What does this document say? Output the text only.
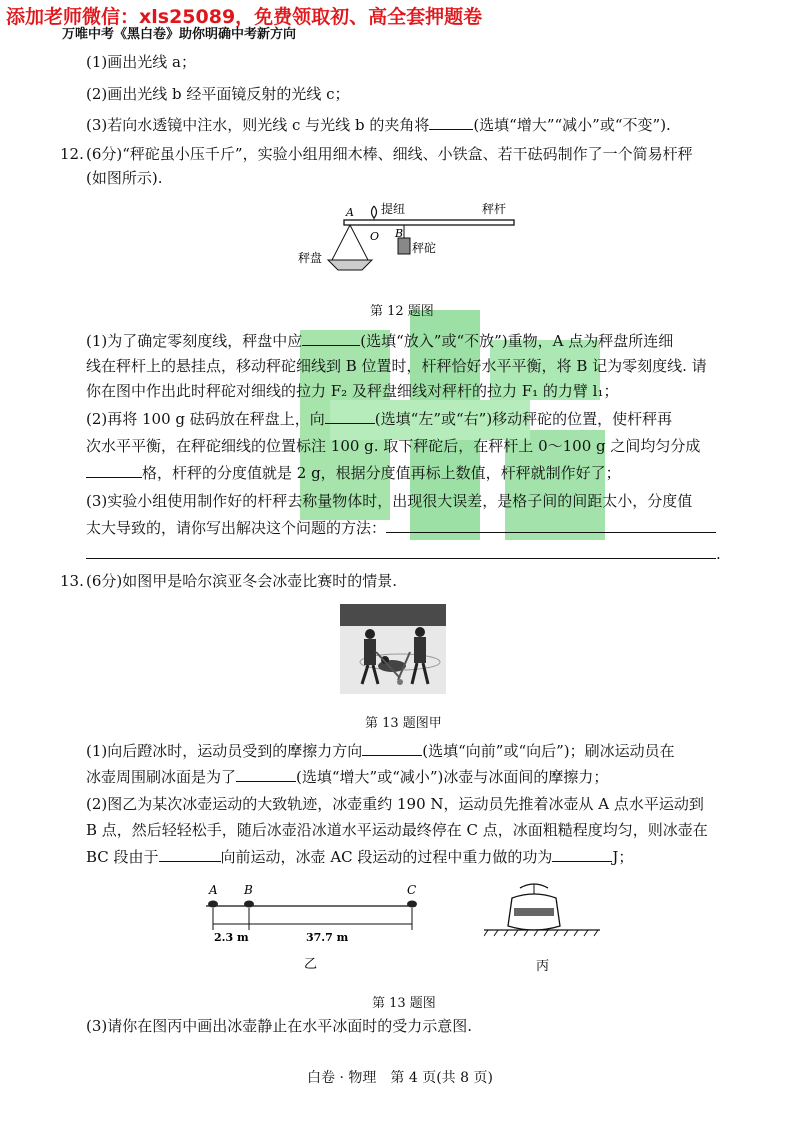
添加老师微信：xls25089，免费领取初、高全套押题卷
万唯中考《黑白卷》助你明确中考新方向
(1)画出光线 a；
(2)画出光线 b 经平面镜反射的光线 c；
(3)若向水透镜中注水，则光线 c 与光线 b 的夹角将	(选填“增大”“减小”或“不变”).
12. (6分)“秤砣虽小压千斤”，实验小组用细木棒、细线、小铁盒、若干砝码制作了一个简易杆秤
(如图所示).
A 提纽	秤杆
O B
秤砣
秤盘
第 12 题图
(1)为了确定零刻度线，秤盘中应	(选填“放入”或“不放”)重物，A 点为秤盘所连细
线在秤杆上的悬挂点，移动秤砣细线到 B 位置时，杆秤恰好水平平衡，将 B 记为零刻度线. 请
你在图中作出此时秤砣对细线的拉力 F₂ 及秤盘细线对秤杆的拉力 F₁ 的力臂 l₁；
(2)再将 100 g 砝码放在秤盘上，向	(选填“左”或“右”)移动秤砣的位置，使杆秤再
次水平平衡，在秤砣细线的位置标注 100 g. 取下秤砣后，在秤杆上 0～100 g 之间均匀分成
格，杆秤的分度值就是 2 g，根据分度值再标上数值，杆秤就制作好了；
(3)实验小组使用制作好的杆秤去称量物体时，出现很大误差，是格子间的间距太小，分度值
太大导致的，请你写出解决这个问题的方法：
.
13. (6分)如图甲是哈尔滨亚冬会冰壶比赛时的情景.
第 13 题图甲
(1)向后蹬冰时，运动员受到的摩擦力方向	(选填“向前”或“向后”)；刷冰运动员在
冰壶周围刷冰面是为了	(选填“增大”或“减小”)冰壶与冰面间的摩擦力；
(2)图乙为某次冰壶运动的大致轨迹，冰壶重约 190 N，运动员先推着冰壶从 A 点水平运动到
B 点，然后轻轻松手，随后冰壶沿冰道水平运动最终停在 C 点，冰面粗糙程度均匀，则冰壶在
BC 段由于	向前运动，冰壶 AC 段运动的过程中重力做的功为	J；
A B	C
2.3 m	37.7 m
乙	丙
第 13 题图
(3)请你在图丙中画出冰壶静止在水平冰面时的受力示意图.
白卷 · 物理　第 4 页(共 8 页)
